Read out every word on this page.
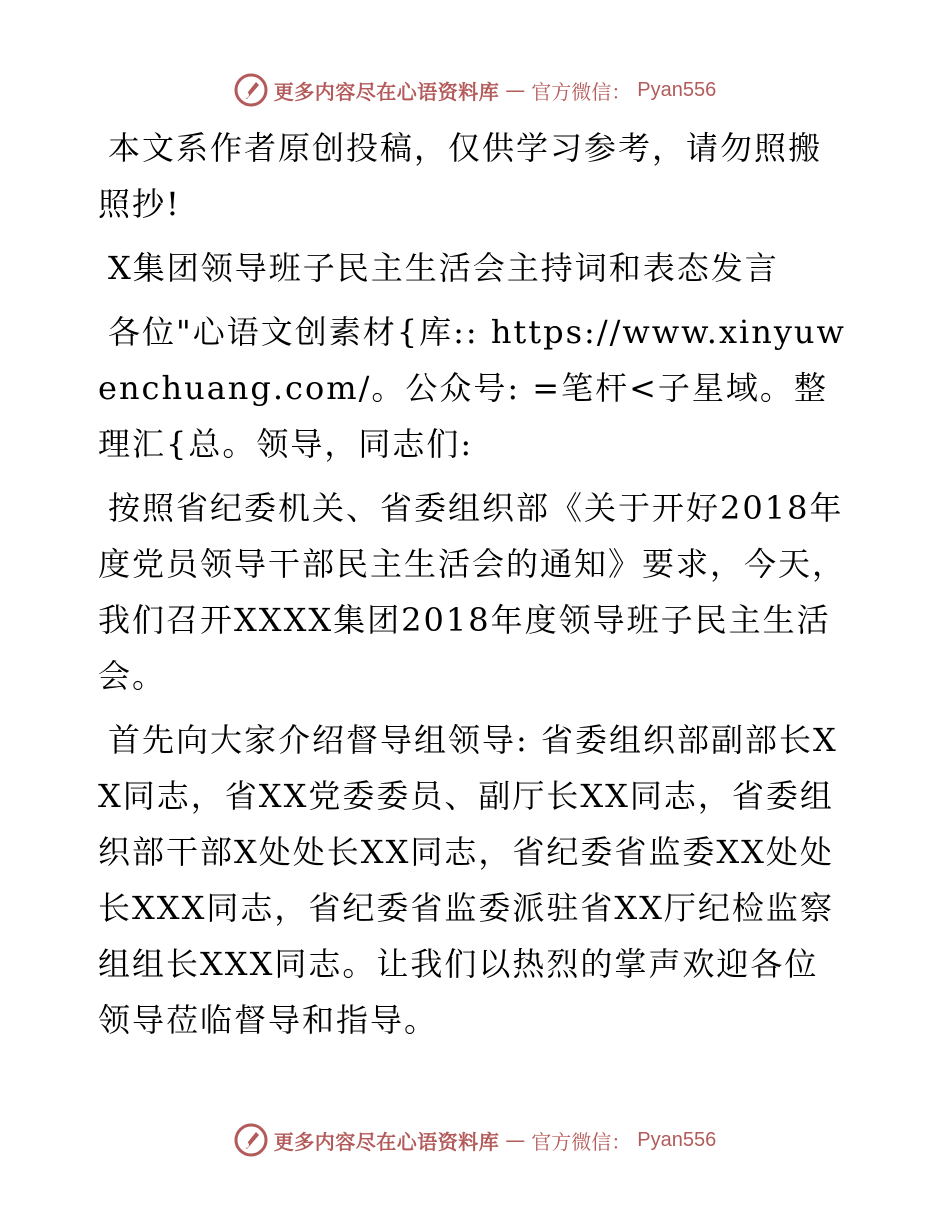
更多内容尽在心语资料库 — 官方微信： Pyan556

本文系作者原创投稿，仅供学习参考，请勿照搬照抄!

X集团领导班子民主生活会主持词和表态发言

各位"心语文创素材{库:: https://www.xinyuwenchuang.com/。公众号: =笔杆<子星域。整理汇{总。领导，同志们:

按照省纪委机关、省委组织部《关于开好2018年度党员领导干部民主生活会的通知》要求，今天，我们召开XXXX集团2018年度领导班子民主生活会。

首先向大家介绍督导组领导: 省委组织部副部长XX同志，省XX党委委员、副厅长XX同志，省委组织部干部X处处长XX同志，省纪委省监委XX处处长XXX同志，省纪委省监委派驻省XX厅纪检监察组组长XXX同志。让我们以热烈的掌声欢迎各位领导莅临督导和指导。

更多内容尽在心语资料库 — 官方微信： Pyan556
